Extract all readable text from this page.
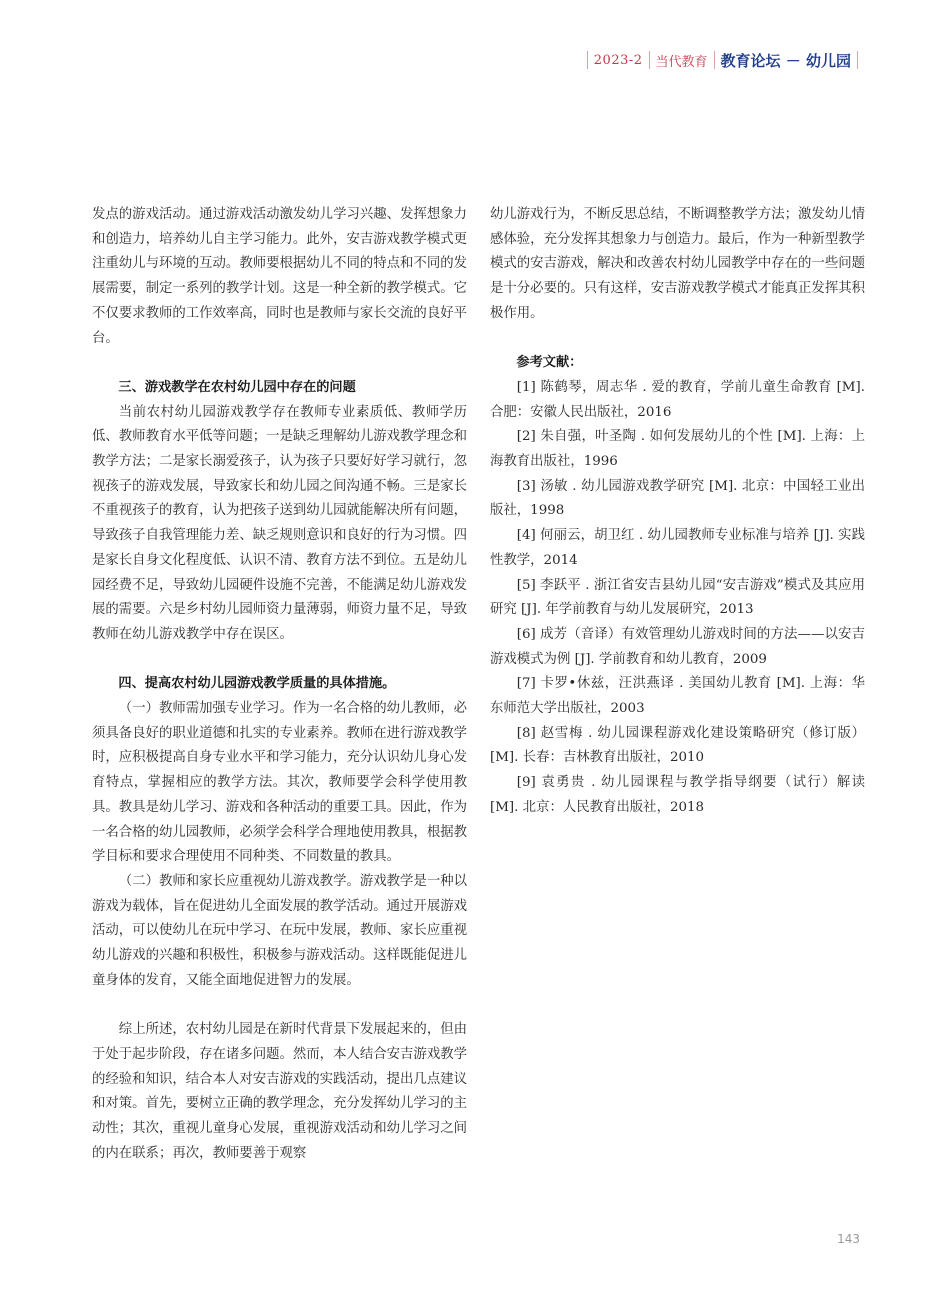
2023-2 当代教育 教育论坛 － 幼儿园

发点的游戏活动。通过游戏活动激发幼儿学习兴趣、发挥想象力和创造力，培养幼儿自主学习能力。此外，安吉游戏教学模式更注重幼儿与环境的互动。教师要根据幼儿不同的特点和不同的发展需要，制定一系列的教学计划。这是一种全新的教学模式。它不仅要求教师的工作效率高，同时也是教师与家长交流的良好平台。

三、游戏教学在农村幼儿园中存在的问题

当前农村幼儿园游戏教学存在教师专业素质低、教师学历低、教师教育水平低等问题；一是缺乏理解幼儿游戏教学理念和教学方法；二是家长溺爱孩子，认为孩子只要好好学习就行，忽视孩子的游戏发展，导致家长和幼儿园之间沟通不畅。三是家长不重视孩子的教育，认为把孩子送到幼儿园就能解决所有问题，导致孩子自我管理能力差、缺乏规则意识和良好的行为习惯。四是家长自身文化程度低、认识不清、教育方法不到位。五是幼儿园经费不足，导致幼儿园硬件设施不完善，不能满足幼儿游戏发展的需要。六是乡村幼儿园师资力量薄弱，师资力量不足，导致教师在幼儿游戏教学中存在误区。

四、提高农村幼儿园游戏教学质量的具体措施。

（一）教师需加强专业学习。作为一名合格的幼儿教师，必须具备良好的职业道德和扎实的专业素养。教师在进行游戏教学时，应积极提高自身专业水平和学习能力，充分认识幼儿身心发育特点，掌握相应的教学方法。其次，教师要学会科学使用教具。教具是幼儿学习、游戏和各种活动的重要工具。因此，作为一名合格的幼儿园教师，必须学会科学合理地使用教具，根据教学目标和要求合理使用不同种类、不同数量的教具。

（二）教师和家长应重视幼儿游戏教学。游戏教学是一种以游戏为载体，旨在促进幼儿全面发展的教学活动。通过开展游戏活动，可以使幼儿在玩中学习、在玩中发展，教师、家长应重视幼儿游戏的兴趣和积极性，积极参与游戏活动。这样既能促进儿童身体的发育，又能全面地促进智力的发展。

综上所述，农村幼儿园是在新时代背景下发展起来的，但由于处于起步阶段，存在诸多问题。然而，本人结合安吉游戏教学的经验和知识，结合本人对安吉游戏的实践活动，提出几点建议和对策。首先，要树立正确的教学理念，充分发挥幼儿学习的主动性；其次，重视儿童身心发展，重视游戏活动和幼儿学习之间的内在联系；再次，教师要善于观察

幼儿游戏行为，不断反思总结，不断调整教学方法；激发幼儿情感体验，充分发挥其想象力与创造力。最后，作为一种新型教学模式的安吉游戏，解决和改善农村幼儿园教学中存在的一些问题是十分必要的。只有这样，安吉游戏教学模式才能真正发挥其积极作用。

参考文献：

[1] 陈鹤琴，周志华 . 爱的教育，学前儿童生命教育 [M]. 合肥：安徽人民出版社，2016

[2] 朱自强，叶圣陶 . 如何发展幼儿的个性 [M]. 上海：上海教育出版社，1996

[3] 汤敏 . 幼儿园游戏教学研究 [M]. 北京：中国轻工业出版社，1998

[4] 何丽云，胡卫红 . 幼儿园教师专业标准与培养 [J]. 实践性教学，2014

[5] 李跃平 . 浙江省安吉县幼儿园“安吉游戏”模式及其应用研究 [J]. 年学前教育与幼儿发展研究，2013

[6] 成芳（音译）有效管理幼儿游戏时间的方法——以安吉游戏模式为例 [J]. 学前教育和幼儿教育，2009

[7] 卡罗•休兹，汪洪燕译 . 美国幼儿教育 [M]. 上海：华东师范大学出版社，2003

[8] 赵雪梅 . 幼儿园课程游戏化建设策略研究（修订版）[M]. 长春：吉林教育出版社，2010

[9] 袁勇贵 . 幼儿园课程与教学指导纲要（试行）解读 [M]. 北京：人民教育出版社，2018

143
